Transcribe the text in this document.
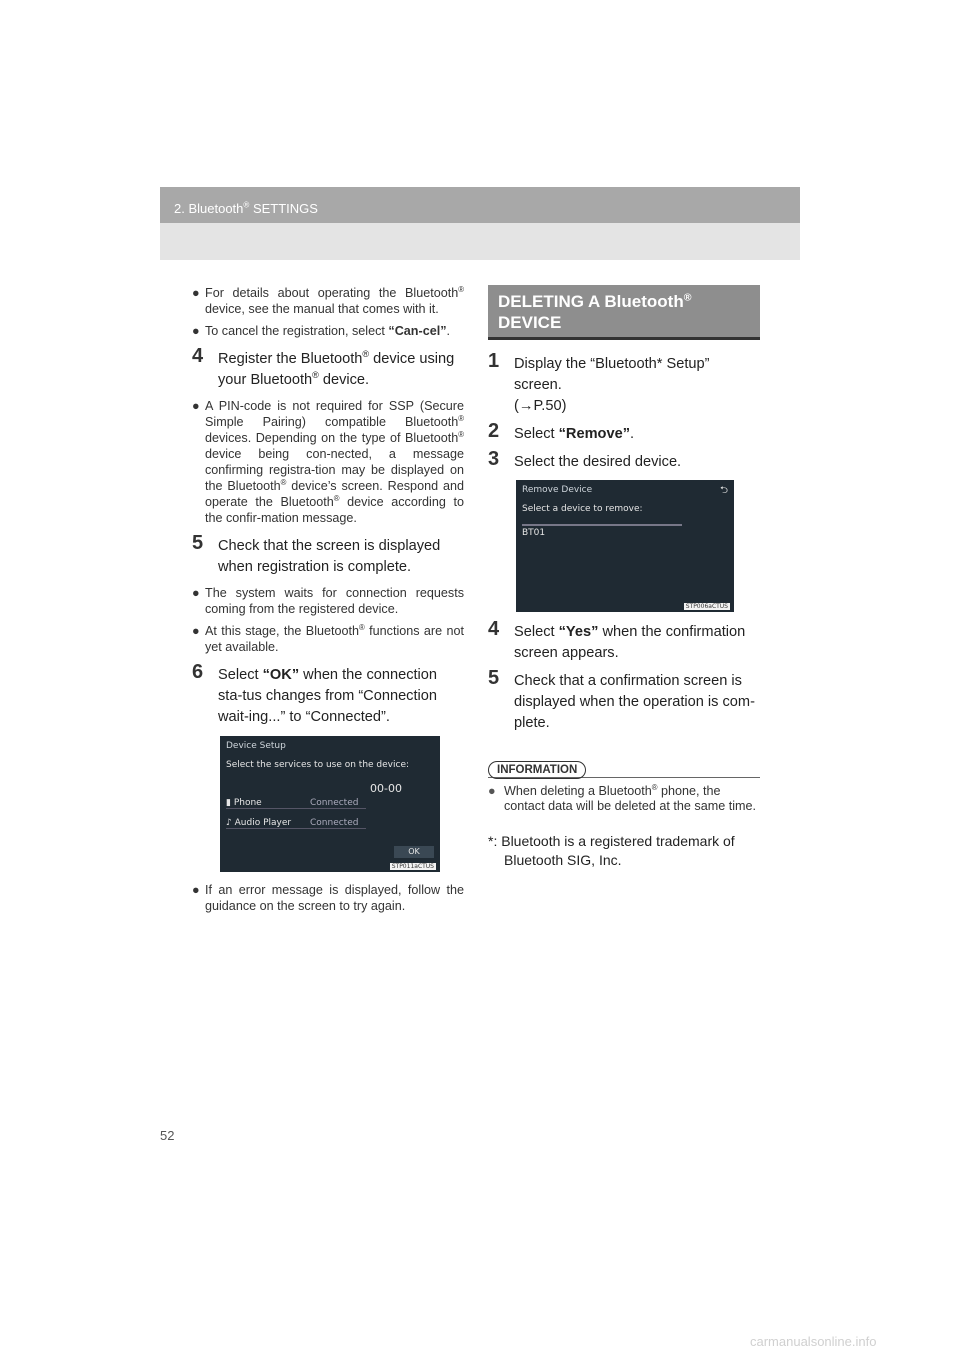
2. Bluetooth® SETTINGS
● For details about operating the Bluetooth® device, see the manual that comes with it.
● To cancel the registration, select “Can-cel”.
4 Register the Bluetooth® device using your Bluetooth® device.
● A PIN-code is not required for SSP (Secure Simple Pairing) compatible Bluetooth® devices. Depending on the type of Bluetooth® device being con-nected, a message confirming registra-tion may be displayed on the Bluetooth® device’s screen. Respond and operate the Bluetooth® device according to the confir-mation message.
5 Check that the screen is displayed when registration is complete.
● The system waits for connection requests coming from the registered device.
● At this stage, the Bluetooth® functions are not yet available.
6 Select “OK” when the connection sta-tus changes from “Connection wait-ing...” to “Connected”.
Device Setup
Select the services to use on the device:
00-00
▮ Phone	Connected
♪ Audio Player Connected
OK
STP011aCTUS
● If an error message is displayed, follow the guidance on the screen to try again.
DELETING A Bluetooth®
DEVICE
1 Display the “Bluetooth* Setup” screen.
(→P.50)
2 Select “Remove”.
3 Select the desired device.
Remove Device	⮌
Select a device to remove:
BT01
STP006aCTUS
4 Select “Yes” when the confirmation screen appears.
5 Check that a confirmation screen is displayed when the operation is com-plete.
INFORMATION
● When deleting a Bluetooth® phone, the contact data will be deleted at the same time.
*: Bluetooth is a registered trademark of Bluetooth SIG, Inc.
52
carmanualsonline.info
